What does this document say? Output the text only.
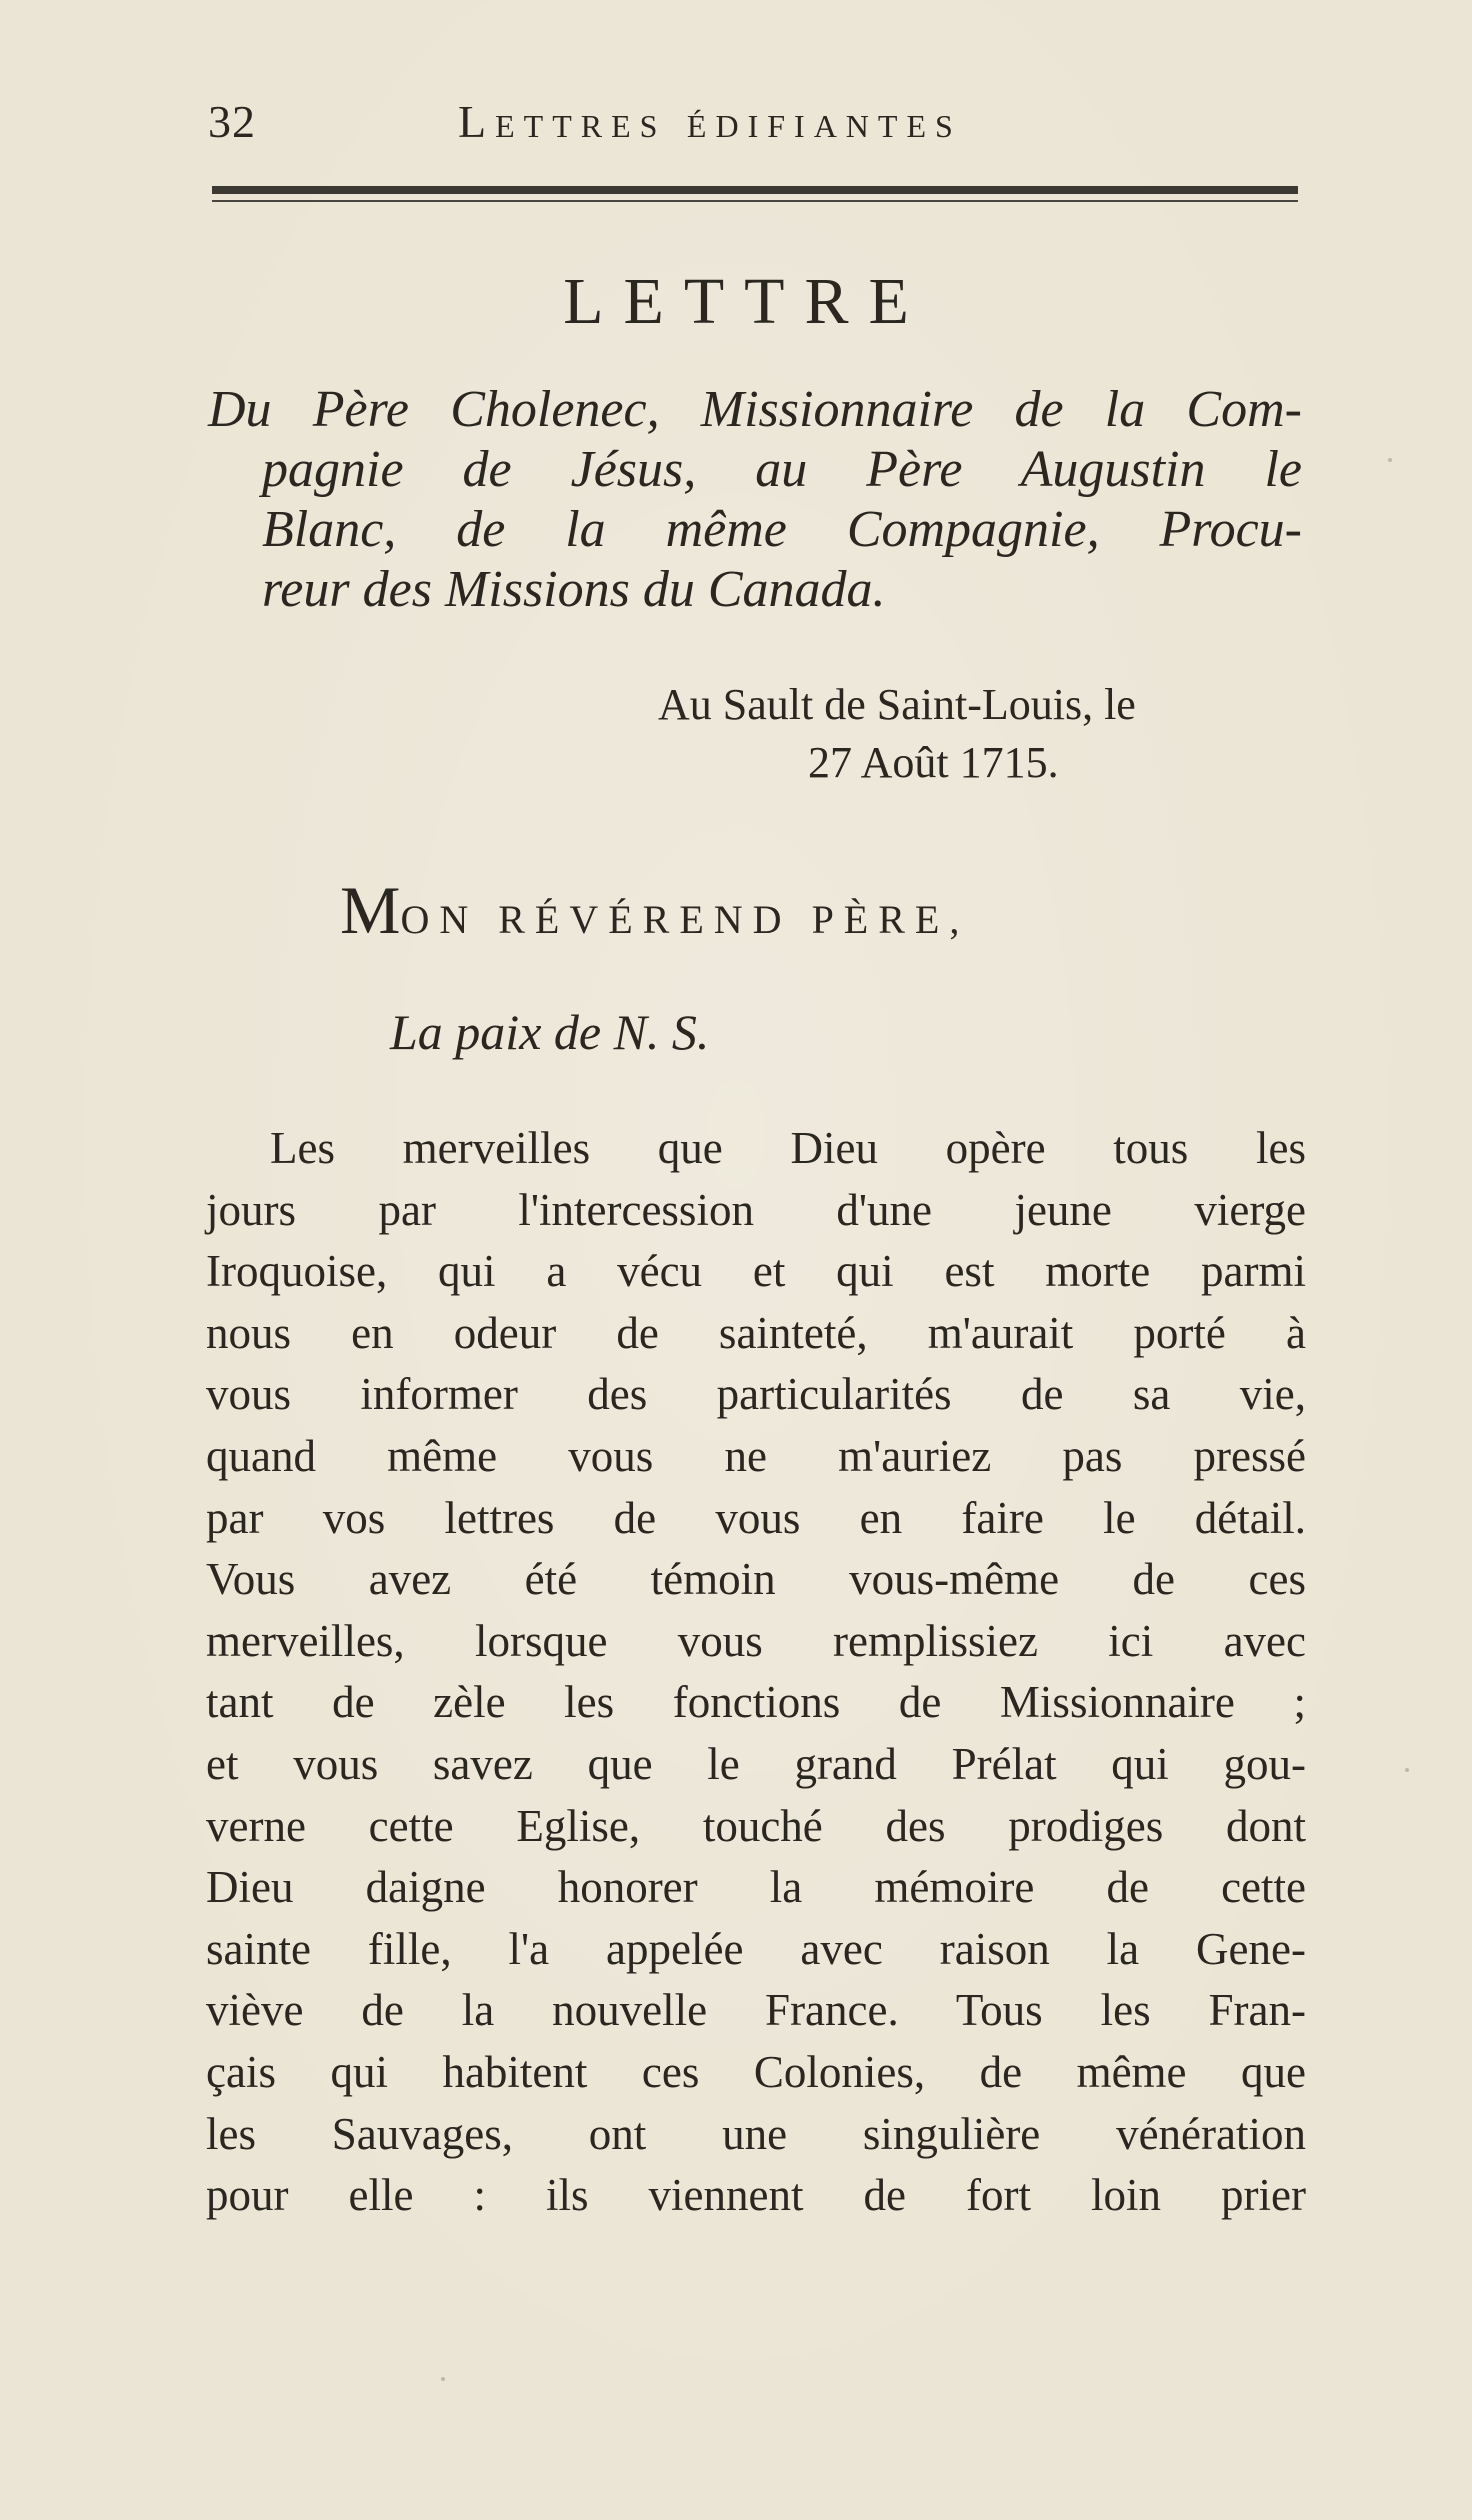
32	Lettres édifiantes
LETTRE
Du Père Cholenec, Missionnaire de la Com-
pagnie de Jésus, au Père Augustin le
Blanc, de la même Compagnie, Procu-
reur des Missions du Canada.
Au Sault de Saint-Louis, le
27 Août 1715.
MON RÉVÉREND PÈRE,
La paix de N. S.
Les merveilles que Dieu opère tous les
jours par l'intercession d'une jeune vierge
Iroquoise, qui a vécu et qui est morte parmi
nous en odeur de sainteté, m'aurait porté à
vous informer des particularités de sa vie,
quand même vous ne m'auriez pas pressé
par vos lettres de vous en faire le détail.
Vous avez été témoin vous-même de ces
merveilles, lorsque vous remplissiez ici avec
tant de zèle les fonctions de Missionnaire ;
et vous savez que le grand Prélat qui gou-
verne cette Eglise, touché des prodiges dont
Dieu daigne honorer la mémoire de cette
sainte fille, l'a appelée avec raison la Gene-
viève de la nouvelle France. Tous les Fran-
çais qui habitent ces Colonies, de même que
les Sauvages, ont une singulière vénération
pour elle : ils viennent de fort loin prier
